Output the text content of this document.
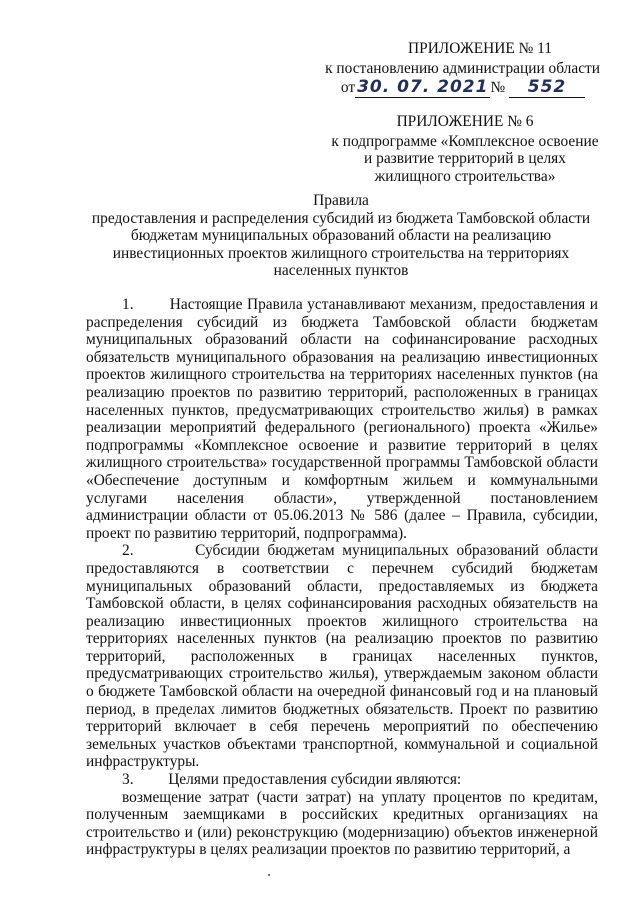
ПРИЛОЖЕНИЕ № 11
к постановлению администрации области
от 30. 07. 2021 № 552
ПРИЛОЖЕНИЕ № 6
к подпрограмме «Комплексное освоение
и развитие территорий в целях
жилищного строительства»
Правила
предоставления и распределения субсидий из бюджета Тамбовской области
бюджетам муниципальных образований области на реализацию
инвестиционных проектов жилищного строительства на территориях
населенных пунктов

1. Настоящие Правила устанавливают механизм, предоставления и распределения субсидий из бюджета Тамбовской области бюджетам муниципальных образований области на софинансирование расходных обязательств муниципального образования на реализацию инвестиционных проектов жилищного строительства на территориях населенных пунктов (на реализацию проектов по развитию территорий, расположенных в границах населенных пунктов, предусматривающих строительство жилья) в рамках реализации мероприятий федерального (регионального) проекта «Жилье» подпрограммы «Комплексное освоение и развитие территорий в целях жилищного строительства» государственной программы Тамбовской области «Обеспечение доступным и комфортным жильем и коммунальными услугами населения области», утвержденной постановлением администрации области от 05.06.2013 № 586 (далее – Правила, субсидии, проект по развитию территорий, подпрограмма).

2.	Субсидии бюджетам муниципальных образований области предоставляются в соответствии с перечнем субсидий бюджетам муниципальных образований области, предоставляемых из бюджета Тамбовской области, в целях софинансирования расходных обязательств на реализацию инвестиционных проектов жилищного строительства на территориях населенных пунктов (на реализацию проектов по развитию территорий, расположенных в границах населенных пунктов, предусматривающих строительство жилья), утверждаемым законом области о бюджете Тамбовской области на очередной финансовый год и на плановый период, в пределах лимитов бюджетных обязательств. Проект по развитию территорий включает в себя перечень мероприятий по обеспечению земельных участков объектами транспортной, коммунальной и социальной инфраструктуры.

3. Целями предоставления субсидии являются:

возмещение затрат (части затрат) на уплату процентов по кредитам, полученным заемщиками в российских кредитных организациях на строительство и (или) реконструкцию (модернизацию) объектов инженерной инфраструктуры в целях реализации проектов по развитию территорий, а
